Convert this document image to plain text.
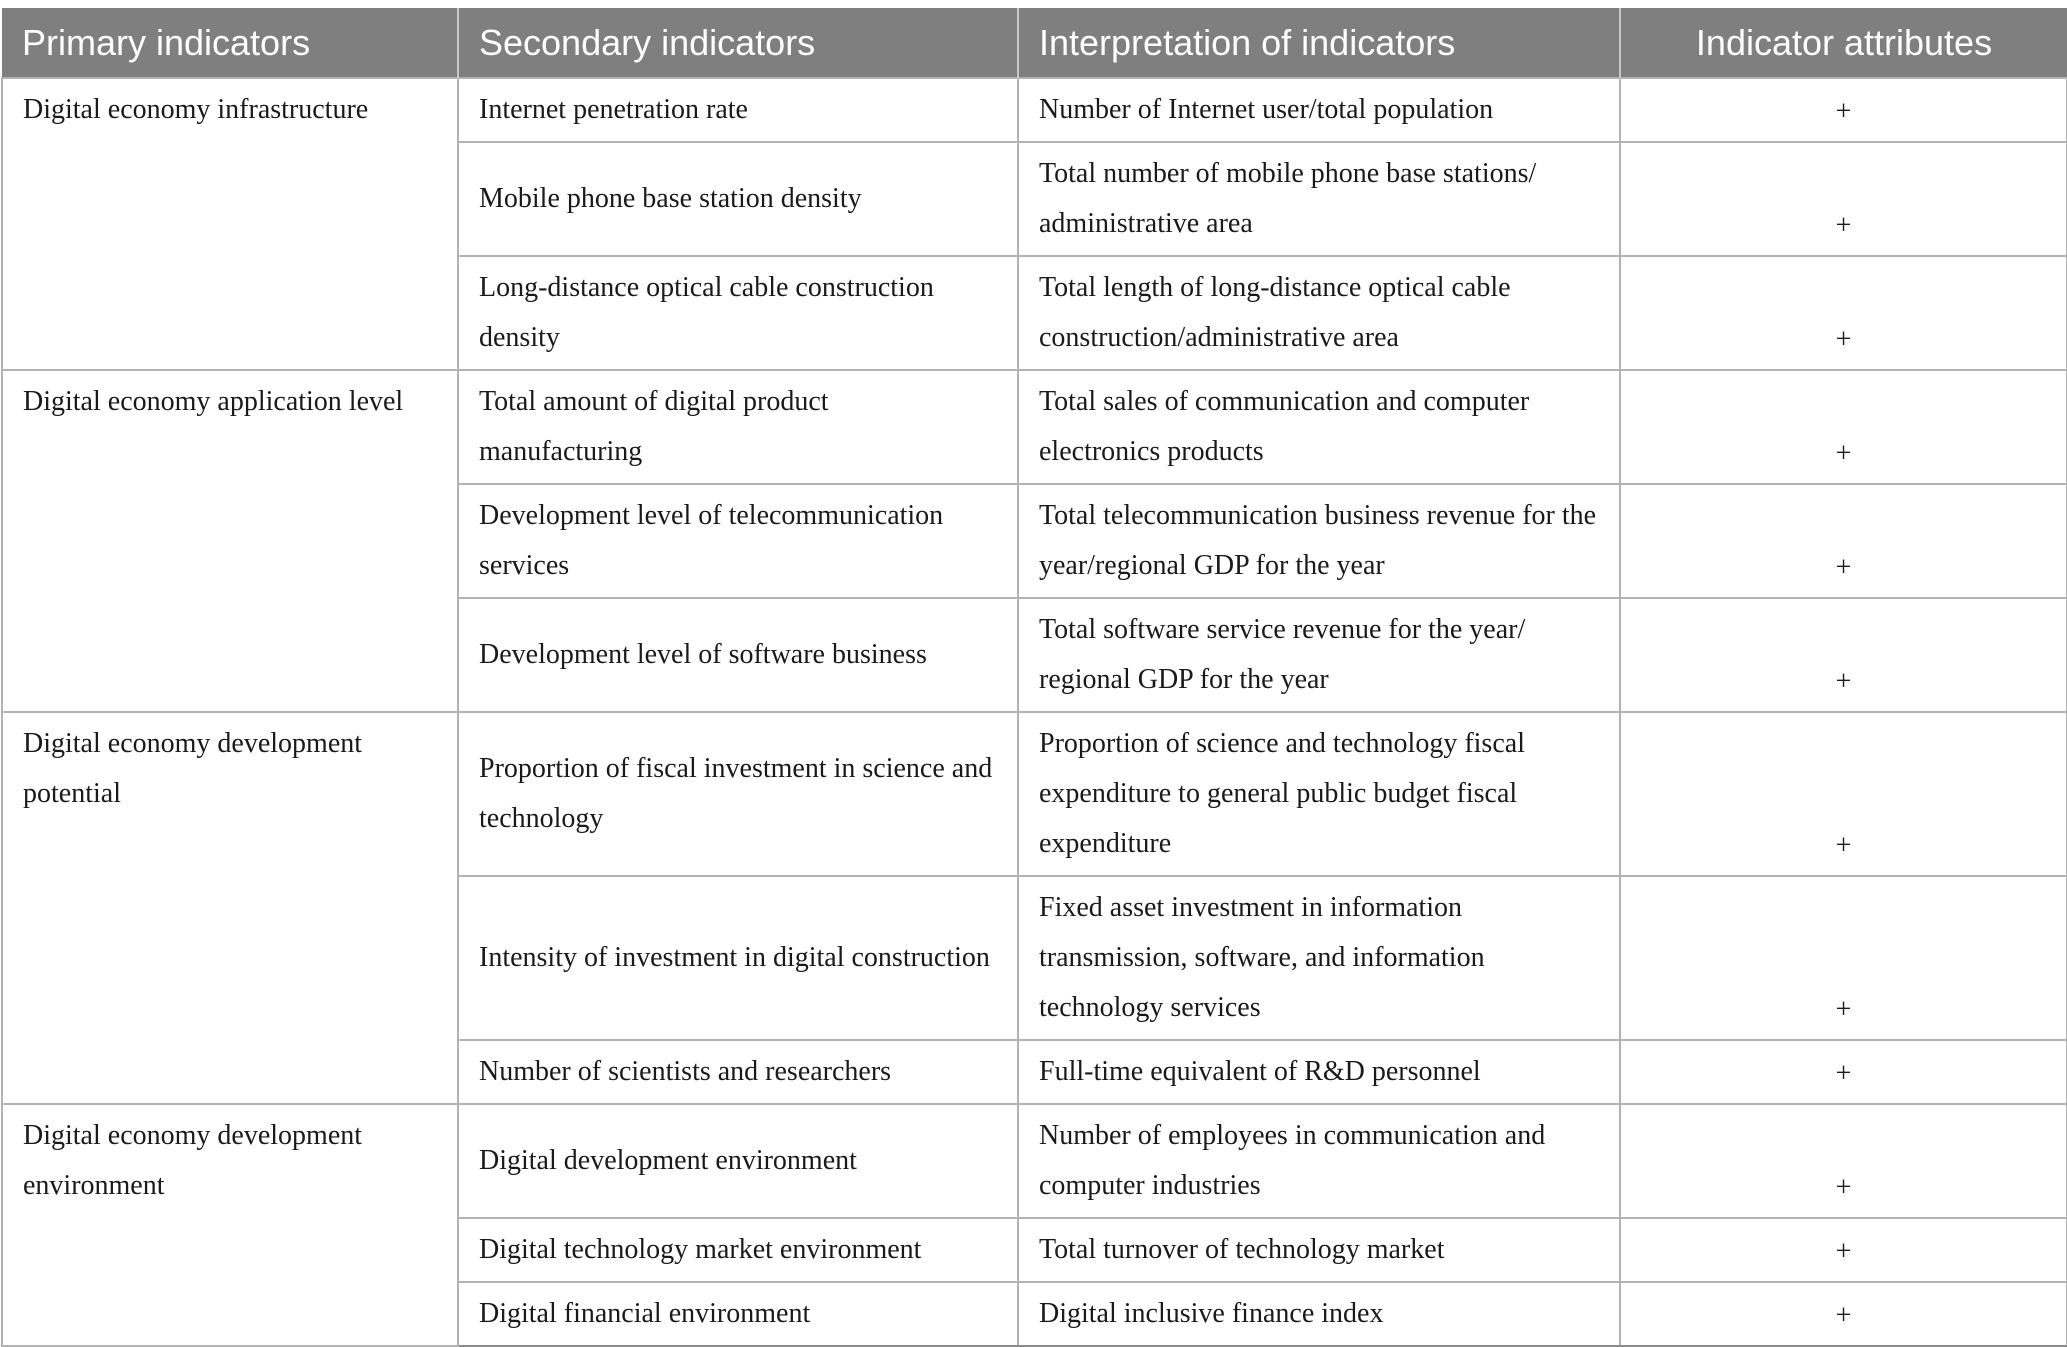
Primary indicators	Secondary indicators	Interpretation of indicators	Indicator attributes
Digital economy infrastructure	Internet penetration rate	Number of Internet user/total population	+
	Mobile phone base station density	Total number of mobile phone base stations/ administrative area	+
	Long-distance optical cable construction density	Total length of long-distance optical cable construction/administrative area	+
Digital economy application level	Total amount of digital product manufacturing	Total sales of communication and computer electronics products	+
	Development level of telecommunication services	Total telecommunication business revenue for the year/regional GDP for the year	+
	Development level of software business	Total software service revenue for the year/ regional GDP for the year	+
Digital economy development potential	Proportion of fiscal investment in science and technology	Proportion of science and technology fiscal expenditure to general public budget fiscal expenditure	+
	Intensity of investment in digital construction	Fixed asset investment in information transmission, software, and information technology services	+
	Number of scientists and researchers	Full-time equivalent of R&D personnel	+
Digital economy development environment	Digital development environment	Number of employees in communication and computer industries	+
	Digital technology market environment	Total turnover of technology market	+
	Digital financial environment	Digital inclusive finance index	+
